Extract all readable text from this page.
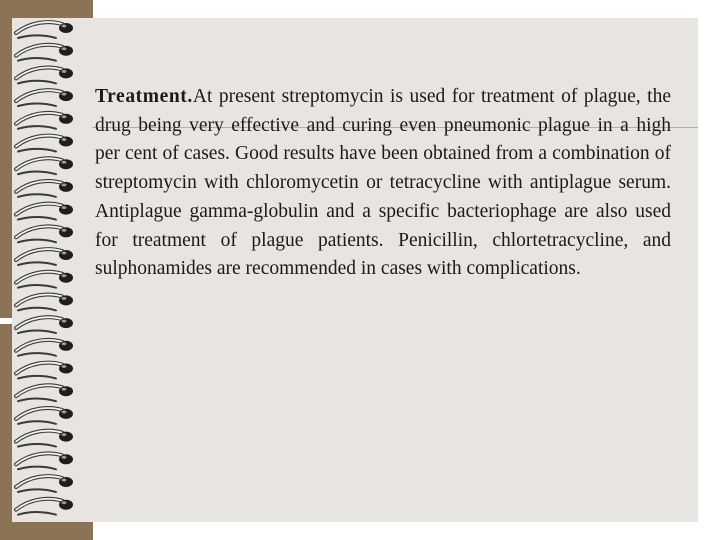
Treatment.At present streptomycin is used for treatment of plague, the drug being very effective and curing even pneumonic plague in a high per cent of cases. Good results have been obtained from a combination of streptomycin with chloromycetin or tetracycline with antiplague serum. Antiplague gamma-globulin and a specific bacteriophage are also used for treatment of plague patients. Penicillin, chlortetracycline, and sulphonamides are recommended in cases with complications.
